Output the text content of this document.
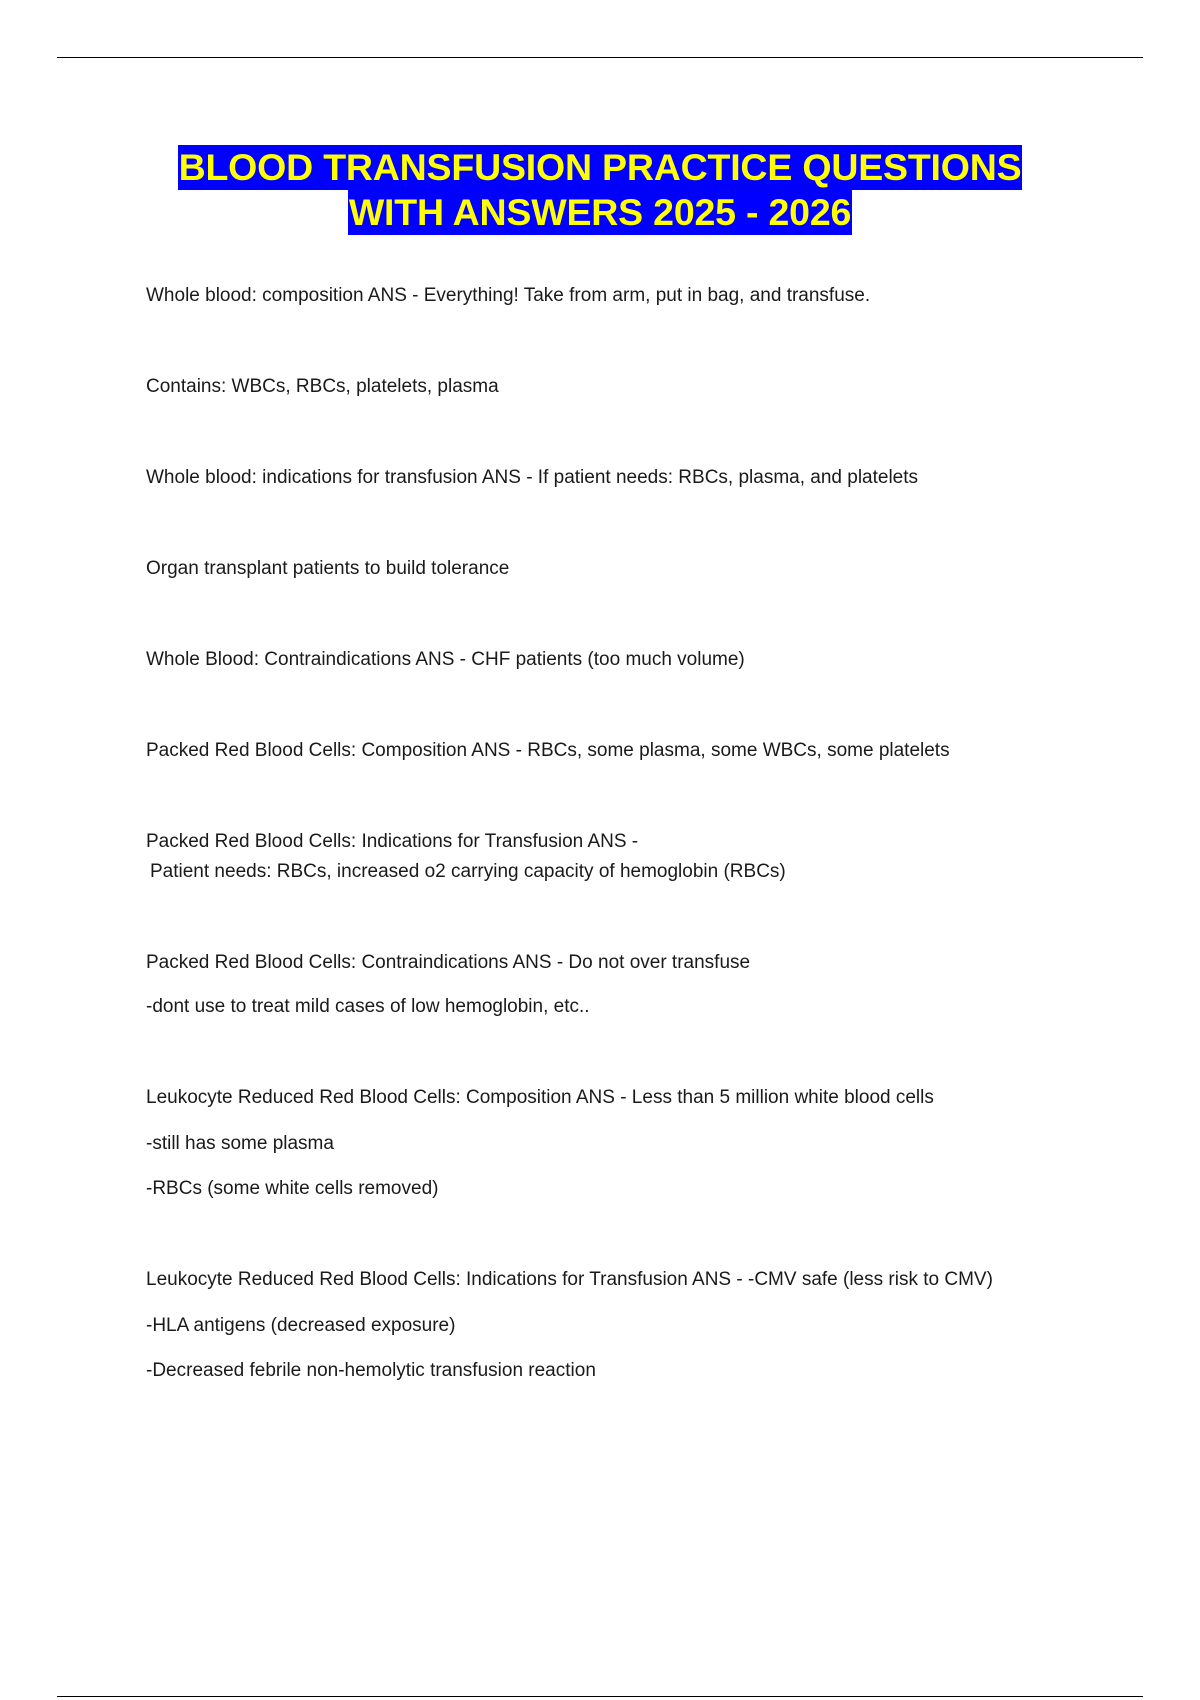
BLOOD TRANSFUSION PRACTICE QUESTIONS
WITH ANSWERS 2025 - 2026
Whole blood: composition ANS - Everything! Take from arm, put in bag, and transfuse.
Contains: WBCs, RBCs, platelets, plasma
Whole blood: indications for transfusion ANS - If patient needs: RBCs, plasma, and platelets
Organ transplant patients to build tolerance
Whole Blood: Contraindications ANS - CHF patients (too much volume)
Packed Red Blood Cells: Composition ANS - RBCs, some plasma, some WBCs, some platelets
Packed Red Blood Cells: Indications for Transfusion ANS -
Patient needs: RBCs, increased o2 carrying capacity of hemoglobin (RBCs)
Packed Red Blood Cells: Contraindications ANS - Do not over transfuse
-dont use to treat mild cases of low hemoglobin, etc..
Leukocyte Reduced Red Blood Cells: Composition ANS - Less than 5 million white blood cells
-still has some plasma
-RBCs (some white cells removed)
Leukocyte Reduced Red Blood Cells: Indications for Transfusion ANS - -CMV safe (less risk to CMV)
-HLA antigens (decreased exposure)
-Decreased febrile non-hemolytic transfusion reaction
